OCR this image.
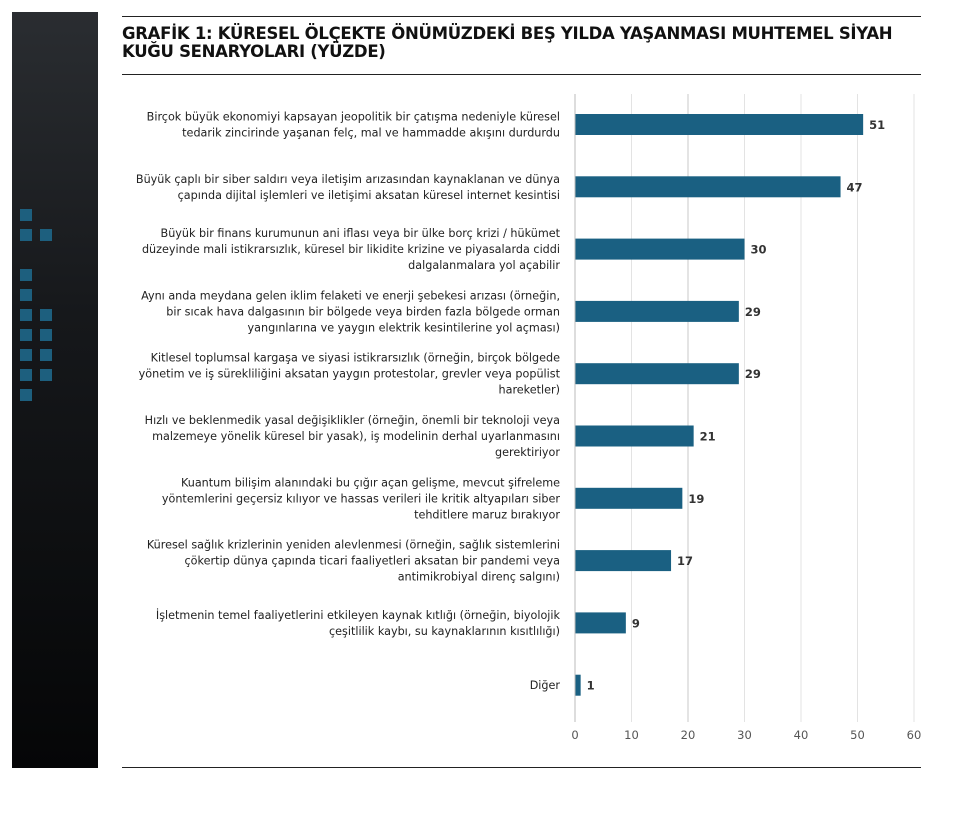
GRAFİK 1: KÜRESEL ÖLÇEKTE ÖNÜMÜZDEKİ BEŞ YILDA YAŞANMASI MUHTEMEL SİYAH KUĞU SENARYOLARI (YÜZDE)
0	10	20	30	40	50	60
51
Birçok büyük ekonomiyi kapsayan jeopolitik bir çatışma nedeniyle küresel tedarik zincirinde yaşanan felç, mal ve hammadde akışını durdurdu
47
Büyük çaplı bir siber saldırı veya iletişim arızasından kaynaklanan ve dünya çapında dijital işlemleri ve iletişimi aksatan küresel internet kesintisi
30
Büyük bir finans kurumunun ani iflası veya bir ülke borç krizi / hükümet düzeyinde mali istikrarsızlık, küresel bir likidite krizine ve piyasalarda ciddi dalgalanmalara yol açabilir
29
Aynı anda meydana gelen iklim felaketi ve enerji şebekesi arızası (örneğin, bir sıcak hava dalgasının bir bölgede veya birden fazla bölgede orman yangınlarına ve yaygın elektrik kesintilerine yol açması)
29
Kitlesel toplumsal kargaşa ve siyasi istikrarsızlık (örneğin, birçok bölgede yönetim ve iş sürekliliğini aksatan yaygın protestolar, grevler veya popülist hareketler)
21
Hızlı ve beklenmedik yasal değişiklikler (örneğin, önemli bir teknoloji veya malzemeye yönelik küresel bir yasak), iş modelinin derhal uyarlanmasını gerektiriyor
19
Kuantum bilişim alanındaki bu çığır açan gelişme, mevcut şifreleme yöntemlerini geçersiz kılıyor ve hassas verileri ile kritik altyapıları siber tehditlere maruz bırakıyor
17
Küresel sağlık krizlerinin yeniden alevlenmesi (örneğin, sağlık sistemlerini çökertip dünya çapında ticari faaliyetleri aksatan bir pandemi veya antimikrobiyal direnç salgını)
9
İşletmenin temel faaliyetlerini etkileyen kaynak kıtlığı (örneğin, biyolojik çeşitlilik kaybı, su kaynaklarının kısıtlılığı)
1
Diğer
